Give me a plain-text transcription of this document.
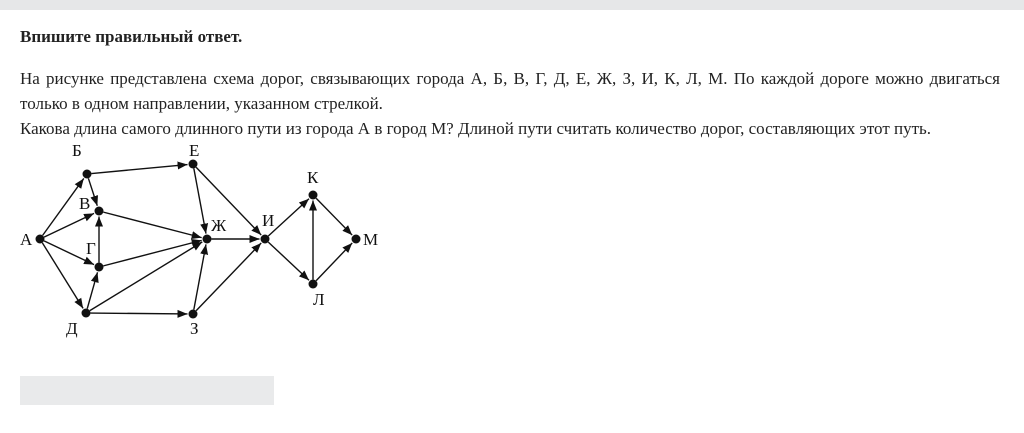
Впишите правильный ответ.

На рисунке представлена схема дорог, связывающих города А, Б, В, Г, Д, Е, Ж, З, И, К, Л, М. По каждой дороге можно двигаться только в одном направлении, указанном стрелкой.

Какова длина самого длинного пути из города А в город М? Длиной пути считать количество дорог, составляющих этот путь.

А
Б
В
Г
Д
Е
Ж
З
И
К
Л
М
